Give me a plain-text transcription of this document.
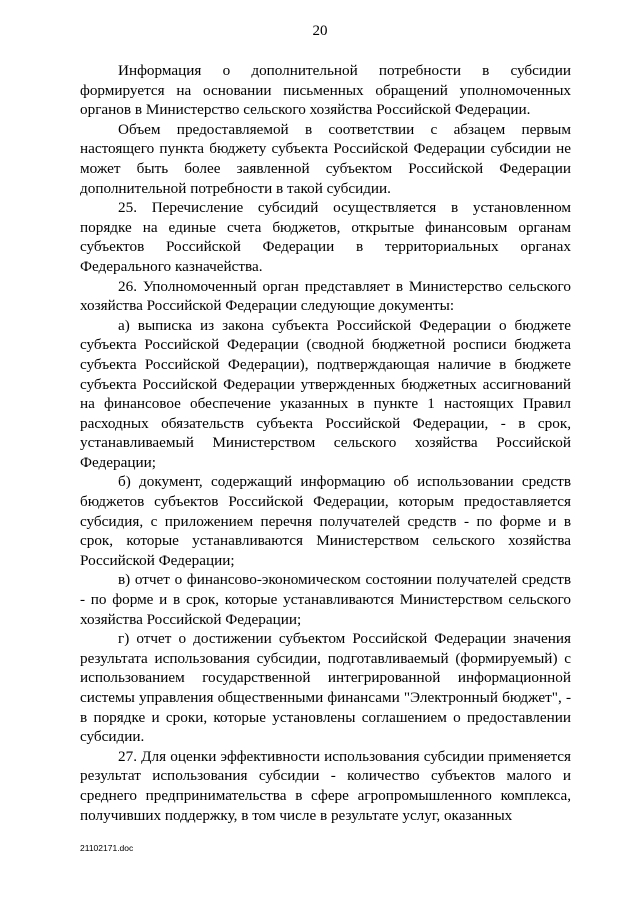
20

Информация о дополнительной потребности в субсидии формируется на основании письменных обращений уполномоченных органов в Министерство сельского хозяйства Российской Федерации.

Объем предоставляемой в соответствии с абзацем первым настоящего пункта бюджету субъекта Российской Федерации субсидии не может быть более заявленной субъектом Российской Федерации дополнительной потребности в такой субсидии.

25. Перечисление субсидий осуществляется в установленном порядке на единые счета бюджетов, открытые финансовым органам субъектов Российской Федерации в территориальных органах Федерального казначейства.

26. Уполномоченный орган представляет в Министерство сельского хозяйства Российской Федерации следующие документы:

а) выписка из закона субъекта Российской Федерации о бюджете субъекта Российской Федерации (сводной бюджетной росписи бюджета субъекта Российской Федерации), подтверждающая наличие в бюджете субъекта Российской Федерации утвержденных бюджетных ассигнований на финансовое обеспечение указанных в пункте 1 настоящих Правил расходных обязательств субъекта Российской Федерации, - в срок, устанавливаемый Министерством сельского хозяйства Российской Федерации;

б) документ, содержащий информацию об использовании средств бюджетов субъектов Российской Федерации, которым предоставляется субсидия, с приложением перечня получателей средств - по форме и в срок, которые устанавливаются Министерством сельского хозяйства Российской Федерации;

в) отчет о финансово-экономическом состоянии получателей средств - по форме и в срок, которые устанавливаются Министерством сельского хозяйства Российской Федерации;

г) отчет о достижении субъектом Российской Федерации значения результата использования субсидии, подготавливаемый (формируемый) с использованием государственной интегрированной информационной системы управления общественными финансами "Электронный бюджет", - в порядке и сроки, которые установлены соглашением о предоставлении субсидии.

27. Для оценки эффективности использования субсидии применяется результат использования субсидии - количество субъектов малого и среднего предпринимательства в сфере агропромышленного комплекса, получивших поддержку, в том числе в результате услуг, оказанных

21102171.doc
